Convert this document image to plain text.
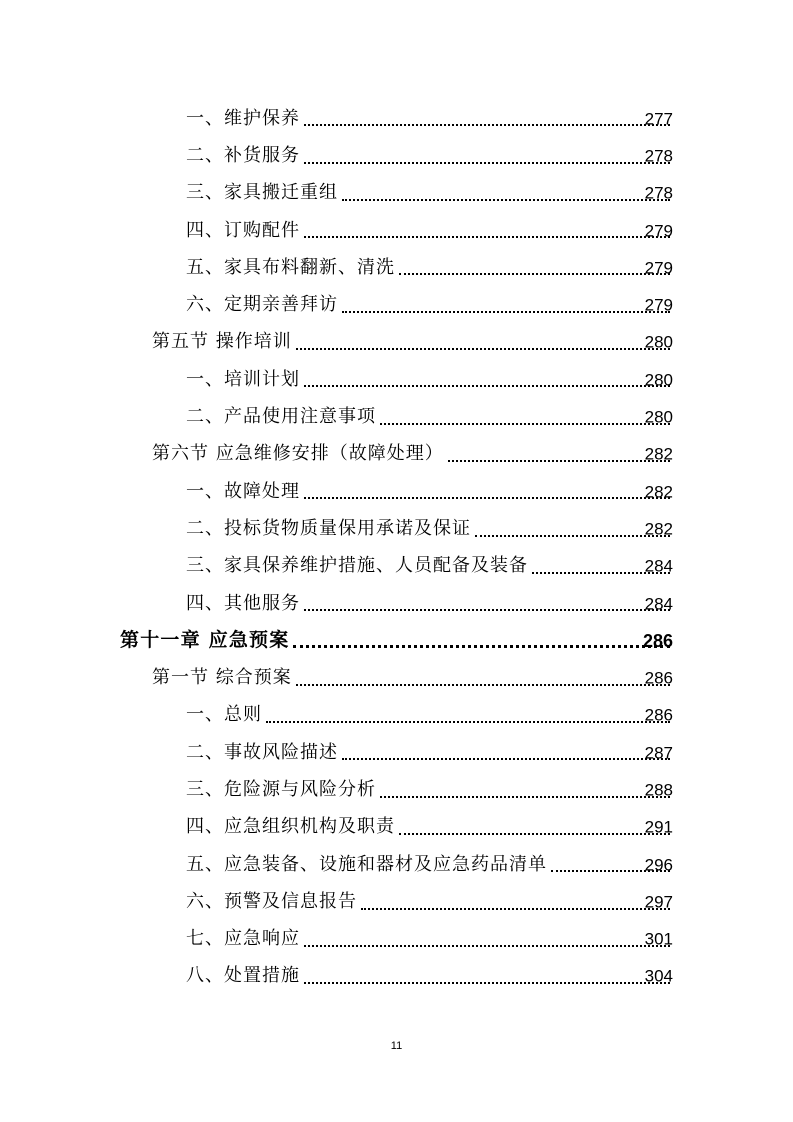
一、维护保养	277
二、补货服务	278
三、家具搬迁重组	278
四、订购配件	279
五、家具布料翻新、清洗	279
六、定期亲善拜访	279
第五节 操作培训	280
一、培训计划	280
二、产品使用注意事项	280
第六节 应急维修安排（故障处理）	282
一、故障处理	282
二、投标货物质量保用承诺及保证	282
三、家具保养维护措施、人员配备及装备	284
四、其他服务	284
第十一章 应急预案	286
第一节 综合预案	286
一、总则	286
二、事故风险描述	287
三、危险源与风险分析	288
四、应急组织机构及职责	291
五、应急装备、设施和器材及应急药品清单	296
六、预警及信息报告	297
七、应急响应	301
八、处置措施	304
11
